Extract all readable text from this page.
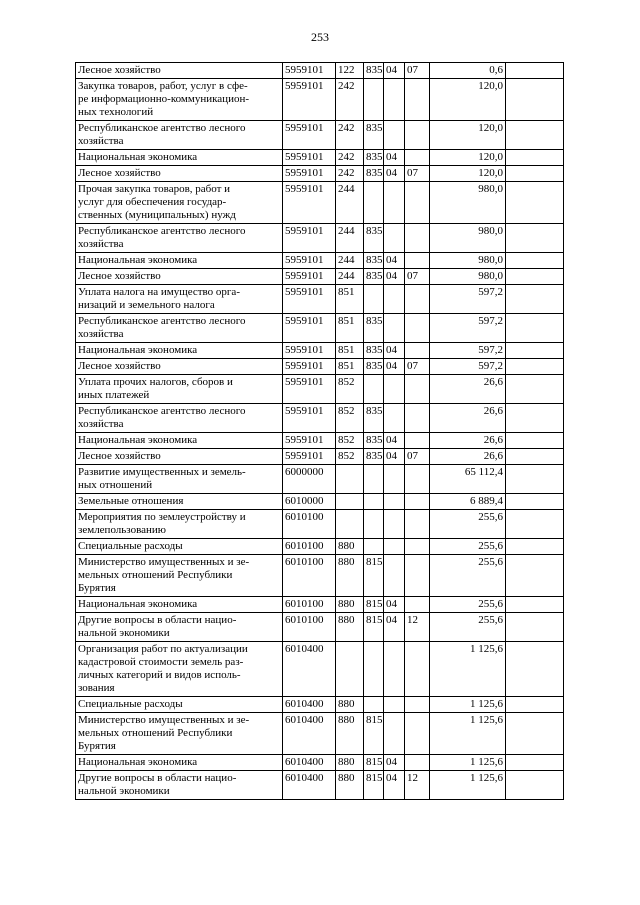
253
Лесное хозяйство	5959101	122	835	04	07	0,6	
Закупка товаров, работ, услуг в сфе-
ре информационно-коммуникацион-
ных технологий	5959101	242				120,0	
Республиканское агентство лесного
хозяйства	5959101	242	835			120,0	
Национальная экономика	5959101	242	835	04		120,0	
Лесное хозяйство	5959101	242	835	04	07	120,0	
Прочая закупка товаров, работ и
услуг для обеспечения государ-
ственных (муниципальных) нужд	5959101	244				980,0	
Республиканское агентство лесного
хозяйства	5959101	244	835			980,0	
Национальная экономика	5959101	244	835	04		980,0	
Лесное хозяйство	5959101	244	835	04	07	980,0	
Уплата налога на имущество орга-
низаций и земельного налога	5959101	851				597,2	
Республиканское агентство лесного
хозяйства	5959101	851	835			597,2	
Национальная экономика	5959101	851	835	04		597,2	
Лесное хозяйство	5959101	851	835	04	07	597,2	
Уплата прочих налогов, сборов и
иных платежей	5959101	852				26,6	
Республиканское агентство лесного
хозяйства	5959101	852	835			26,6	
Национальная экономика	5959101	852	835	04		26,6	
Лесное хозяйство	5959101	852	835	04	07	26,6	
Развитие имущественных и земель-
ных отношений	6000000					65 112,4	
Земельные отношения	6010000					6 889,4	
Мероприятия по землеустройству и
землепользованию	6010100					255,6	
Специальные расходы	6010100	880				255,6	
Министерство имущественных и зе-
мельных отношений Республики
Бурятия	6010100	880	815			255,6	
Национальная экономика	6010100	880	815	04		255,6	
Другие вопросы в области нацио-
нальной экономики	6010100	880	815	04	12	255,6	
Организация работ по актуализации
кадастровой стоимости земель раз-
личных категорий и видов исполь-
зования	6010400					1 125,6	
Специальные расходы	6010400	880				1 125,6	
Министерство имущественных и зе-
мельных отношений Республики
Бурятия	6010400	880	815			1 125,6	
Национальная экономика	6010400	880	815	04		1 125,6	
Другие вопросы в области нацио-
нальной экономики	6010400	880	815	04	12	1 125,6	
